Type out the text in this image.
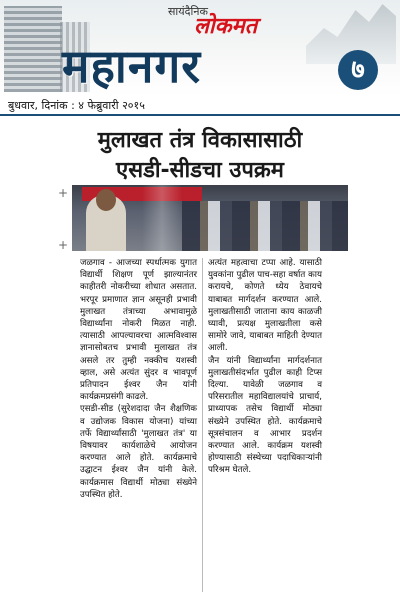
सायंदैनिक
लोकमत
महानगर	७
बुधवार, दिनांक : ४ फेब्रुवारी २०१५
मुलाखत तंत्र विकासासाठी
एसडी-सीडचा उपक्रम
+
+
जळगाव - आजच्या स्पर्धात्मक युगात विद्यार्थी शिक्षण पूर्ण झाल्यानंतर काहीतरी नोकरीच्या शोधात असतात. भरपूर प्रमाणात ज्ञान असूनही प्रभावी मुलाखत तंत्राच्या अभावामुळे विद्यार्थ्यांना नोकरी मिळत नाही. त्यासाठी आपल्यावरचा आत्मविश्वास ज्ञानासोबतच प्रभावी मुलाखत तंत्र असले तर तुम्ही नक्कीच यशस्वी व्हाल, असे अत्यंत सुंदर व भावपूर्ण प्रतिपादन ईश्वर जैन यांनी कार्यक्रमप्रसंगी काढले.
एसडी-सीड (सुरेशदादा जैन शैक्षणिक व उद्योजक विकास योजना) यांच्या तर्फे विद्यार्थ्यांसाठी 'मुलाखत तंत्र' या विषयावर कार्यशाळेचे आयोजन करण्यात आले होते. कार्यक्रमाचे उद्घाटन ईश्वर जैन यांनी केले. कार्यक्रमास विद्यार्थी मोठ्या संख्येने उपस्थित होते.
अत्यंत महत्वाचा टप्पा आहे. यासाठी युवकांना पुढील पाच-सहा वर्षात काय करायचे, कोणते ध्येय ठेवायचे याबाबत मार्गदर्शन करण्यात आले. मुलाखतीसाठी जाताना काय काळजी घ्यावी, प्रत्यक्ष मुलाखतीला कसे सामोरे जावे, याबाबत माहिती देण्यात आली.
जैन यांनी विद्यार्थ्यांना मार्गदर्शनात मुलाखतीसंदर्भात पुढील काही टिप्स दिल्या. यावेळी जळगाव व परिसरातील महाविद्यालयांचे प्राचार्य, प्राध्यापक तसेच विद्यार्थी मोठ्या संख्येने उपस्थित होते. कार्यक्रमाचे सूत्रसंचालन व आभार प्रदर्शन करण्यात आले. कार्यक्रम यशस्वी होण्यासाठी संस्थेच्या पदाधिकाऱ्यांनी परिश्रम घेतले.
